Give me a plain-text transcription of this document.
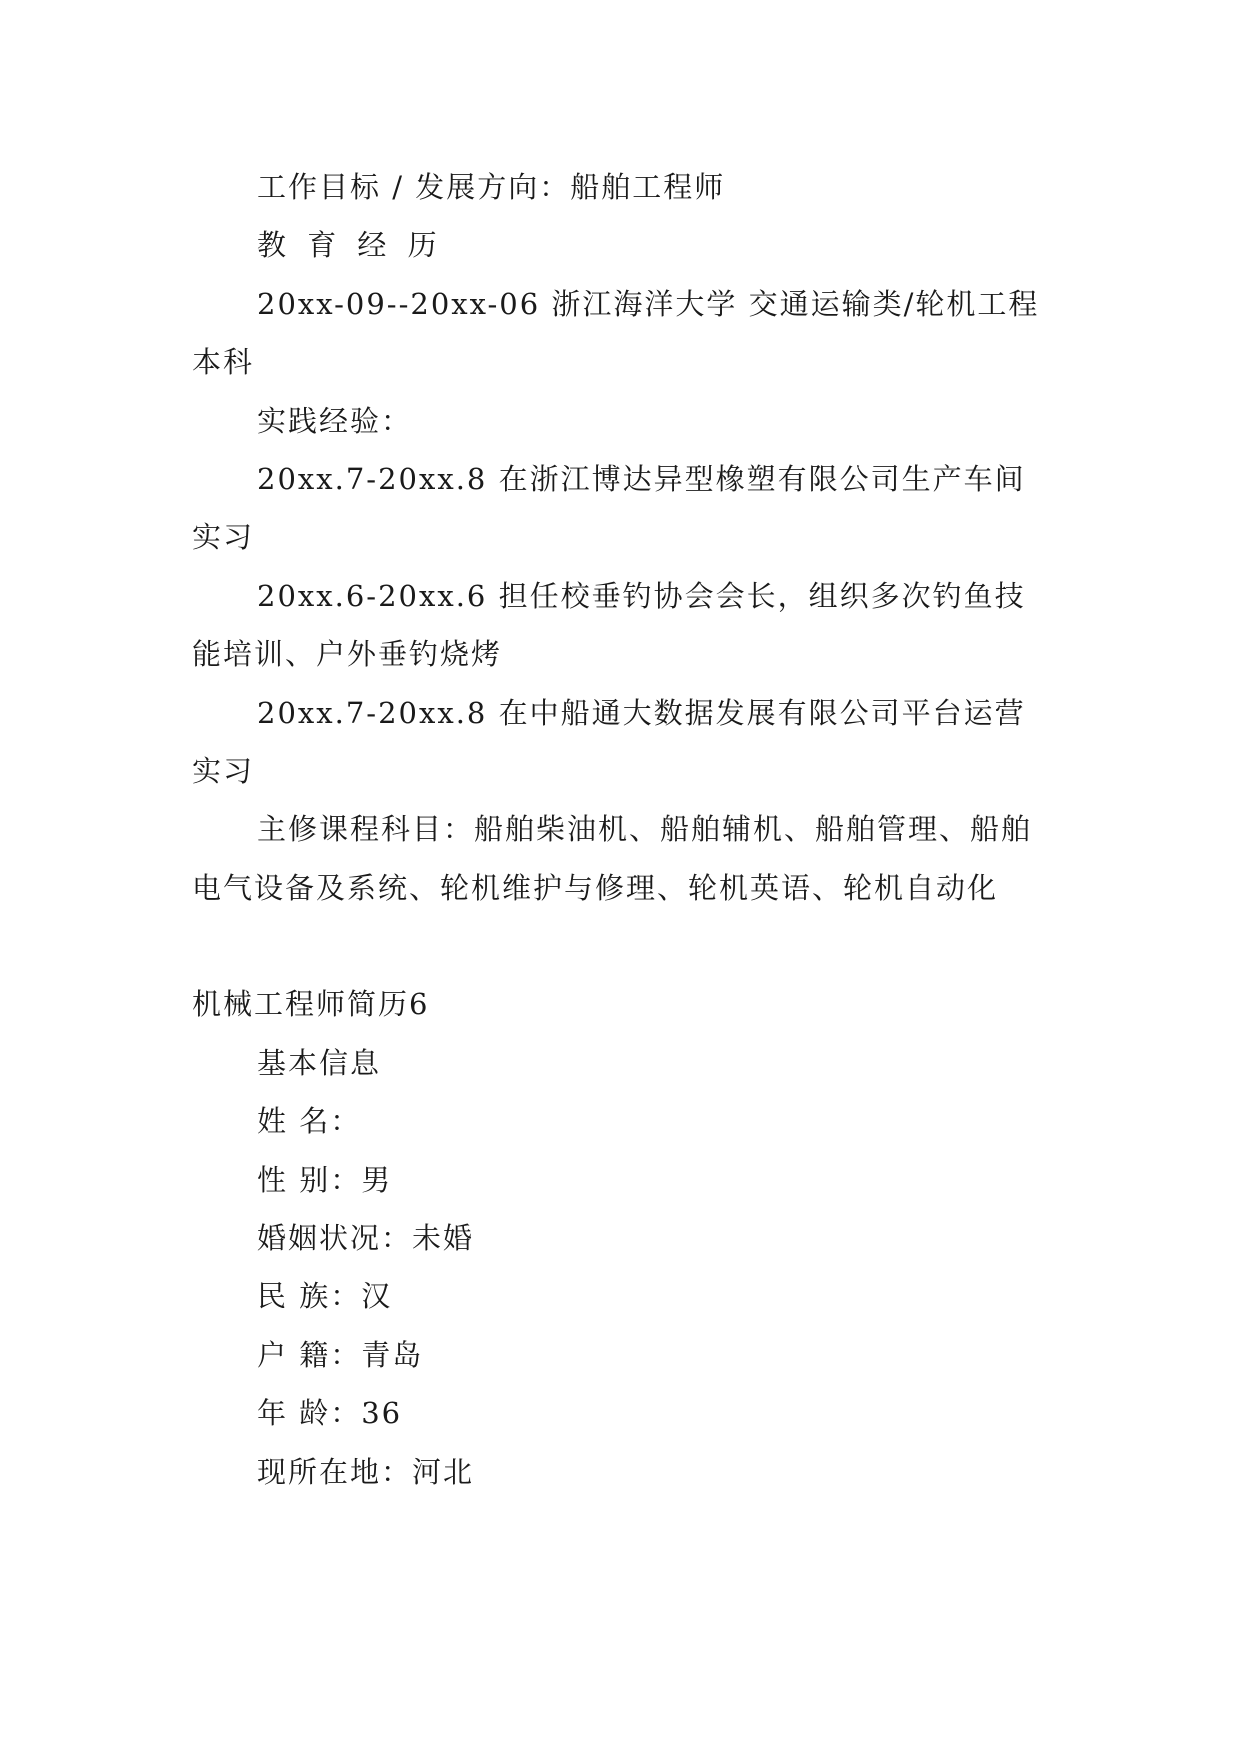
工作目标 / 发展方向：船舶工程师

教 育 经 历

20xx-09--20xx-06 浙江海洋大学 交通运输类/轮机工程 本科

实践经验：

20xx.7-20xx.8 在浙江博达异型橡塑有限公司生产车间实习

20xx.6-20xx.6 担任校垂钓协会会长，组织多次钓鱼技能培训、户外垂钓烧烤

20xx.7-20xx.8 在中船通大数据发展有限公司平台运营实习

主修课程科目：船舶柴油机、船舶辅机、船舶管理、船舶电气设备及系统、轮机维护与修理、轮机英语、轮机自动化

机械工程师简历6

基本信息

姓 名：

性 别：男

婚姻状况：未婚

民 族：汉

户 籍：青岛

年 龄：36

现所在地：河北
